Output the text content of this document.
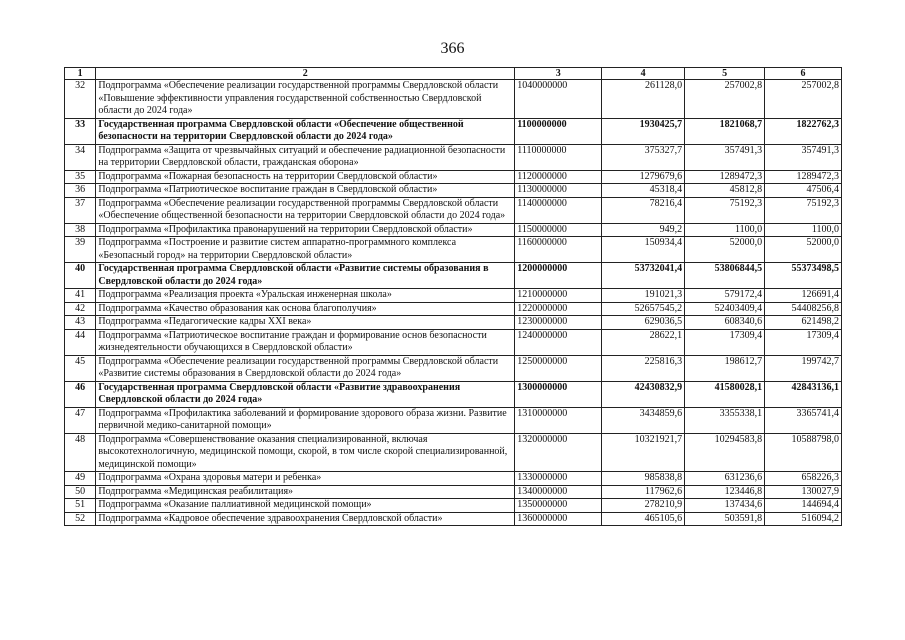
366
1	2	3	4	5	6
32	Подпрограмма «Обеспечение реализации государственной программы Свердловской области «Повышение эффективности управления государственной собственностью Свердловской области до 2024 года»	1040000000	261128,0	257002,8	257002,8
33	Государственная программа Свердловской области «Обеспечение общественной безопасности на территории Свердловской области до 2024 года»	1100000000	1930425,7	1821068,7	1822762,3
34	Подпрограмма «Защита от чрезвычайных ситуаций и обеспечение радиационной безопасности на территории Свердловской области, гражданская оборона»	1110000000	375327,7	357491,3	357491,3
35	Подпрограмма «Пожарная безопасность на территории Свердловской области»	1120000000	1279679,6	1289472,3	1289472,3
36	Подпрограмма «Патриотическое воспитание граждан в Свердловской области»	1130000000	45318,4	45812,8	47506,4
37	Подпрограмма «Обеспечение реализации государственной программы Свердловской области «Обеспечение общественной безопасности на территории Свердловской области до 2024 года»	1140000000	78216,4	75192,3	75192,3
38	Подпрограмма «Профилактика правонарушений на территории Свердловской области»	1150000000	949,2	1100,0	1100,0
39	Подпрограмма «Построение и развитие систем аппаратно-программного комплекса «Безопасный город» на территории Свердловской области»	1160000000	150934,4	52000,0	52000,0
40	Государственная программа Свердловской области «Развитие системы образования в Свердловской области до 2024 года»	1200000000	53732041,4	53806844,5	55373498,5
41	Подпрограмма «Реализация проекта «Уральская инженерная школа»	1210000000	191021,3	579172,4	126691,4
42	Подпрограмма «Качество образования как основа благополучия»	1220000000	52657545,2	52403409,4	54408256,8
43	Подпрограмма «Педагогические кадры XXI века»	1230000000	629036,5	608340,6	621498,2
44	Подпрограмма «Патриотическое воспитание граждан и формирование основ безопасности жизнедеятельности обучающихся в Свердловской области»	1240000000	28622,1	17309,4	17309,4
45	Подпрограмма «Обеспечение реализации государственной программы Свердловской области «Развитие системы образования в Свердловской области до 2024 года»	1250000000	225816,3	198612,7	199742,7
46	Государственная программа Свердловской области «Развитие здравоохранения Свердловской области до 2024 года»	1300000000	42430832,9	41580028,1	42843136,1
47	Подпрограмма «Профилактика заболеваний и формирование здорового образа жизни. Развитие первичной медико-санитарной помощи»	1310000000	3434859,6	3355338,1	3365741,4
48	Подпрограмма «Совершенствование оказания специализированной, включая высокотехнологичную, медицинской помощи, скорой, в том числе скорой специализированной, медицинской помощи»	1320000000	10321921,7	10294583,8	10588798,0
49	Подпрограмма «Охрана здоровья матери и ребенка»	1330000000	985838,8	631236,6	658226,3
50	Подпрограмма «Медицинская реабилитация»	1340000000	117962,6	123446,8	130027,9
51	Подпрограмма «Оказание паллиативной медицинской помощи»	1350000000	278210,9	137434,6	144694,4
52	Подпрограмма «Кадровое обеспечение здравоохранения Свердловской области»	1360000000	465105,6	503591,8	516094,2
